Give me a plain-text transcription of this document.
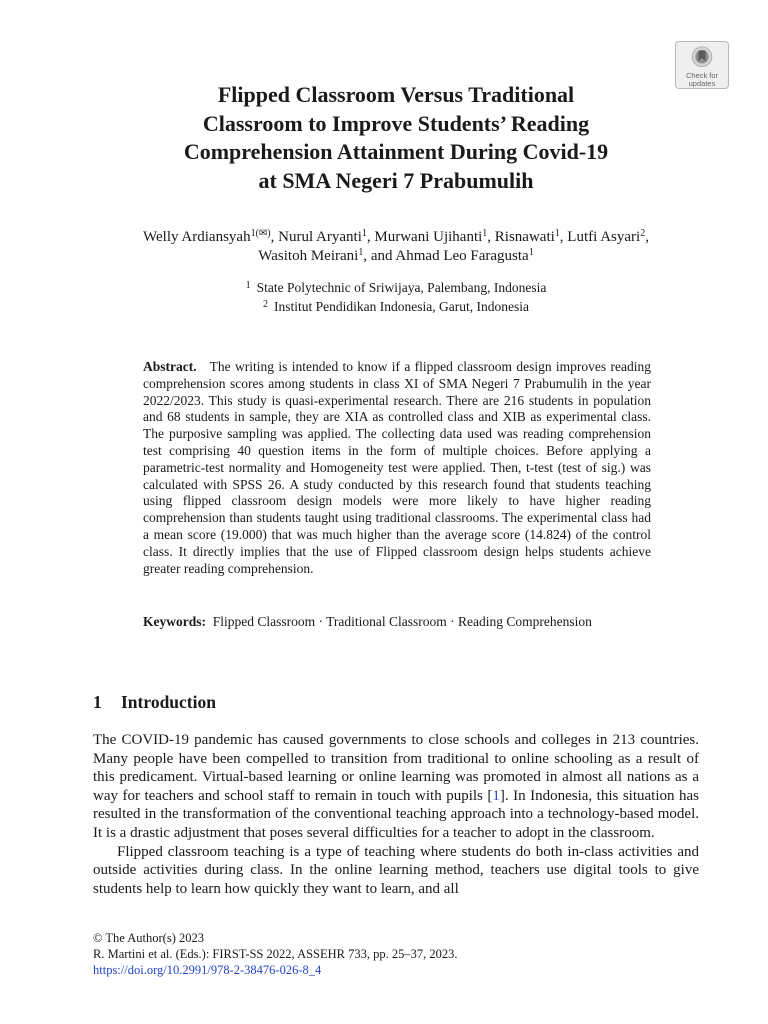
Check for
updates
Flipped Classroom Versus Traditional
Classroom to Improve Students’ Reading
Comprehension Attainment During Covid-19
at SMA Negeri 7 Prabumulih
Welly Ardiansyah$^{1(✉)}$, Nurul Aryanti$^1$, Murwani Ujihanti$^1$, Risnawati$^1$, Lutfi Asyari$^2$,
Wasitoh Meirani$^1$, and Ahmad Leo Faragusta$^1$
$^1$ State Polytechnic of Sriwijaya, Palembang, Indonesia
$^2$ Institut Pendidikan Indonesia, Garut, Indonesia

Abstract. The writing is intended to know if a flipped classroom design improves reading comprehension scores among students in class XI of SMA Negeri 7 Prabumulih in the year 2022/2023. This study is quasi-experimental research. There are 216 students in population and 68 students in sample, they are XIA as controlled class and XIB as experimental class. The purposive sampling was applied. The collecting data used was reading comprehension test comprising 40 question items in the form of multiple choices. Before applying a parametric-test normality and Homogeneity test were applied. Then, t-test (test of sig.) was calculated with SPSS 26. A study conducted by this research found that students teaching using flipped classroom design models were more likely to have higher reading comprehension than students taught using traditional classrooms. The experimental class had a mean score (19.000) that was much higher than the average score (14.824) of the control class. It directly implies that the use of Flipped classroom design helps students achieve greater reading comprehension.

Keywords: Flipped Classroom · Traditional Classroom · Reading Comprehension

1 Introduction

The COVID-19 pandemic has caused governments to close schools and colleges in 213 countries. Many people have been compelled to transition from traditional to online schooling as a result of this predicament. Virtual-based learning or online learning was promoted in almost all nations as a way for teachers and school staff to remain in touch with pupils [1]. In Indonesia, this situation has resulted in the transformation of the conventional teaching approach into a technology-based model. It is a drastic adjustment that poses several difficulties for a teacher to adopt in the classroom.

Flipped classroom teaching is a type of teaching where students do both in-class activities and outside activities during class. In the online learning method, teachers use digital tools to give students help to learn how quickly they want to learn, and all

© The Author(s) 2023
R. Martini et al. (Eds.): FIRST-SS 2022, ASSEHR 733, pp. 25–37, 2023.
https://doi.org/10.2991/978-2-38476-026-8_4
